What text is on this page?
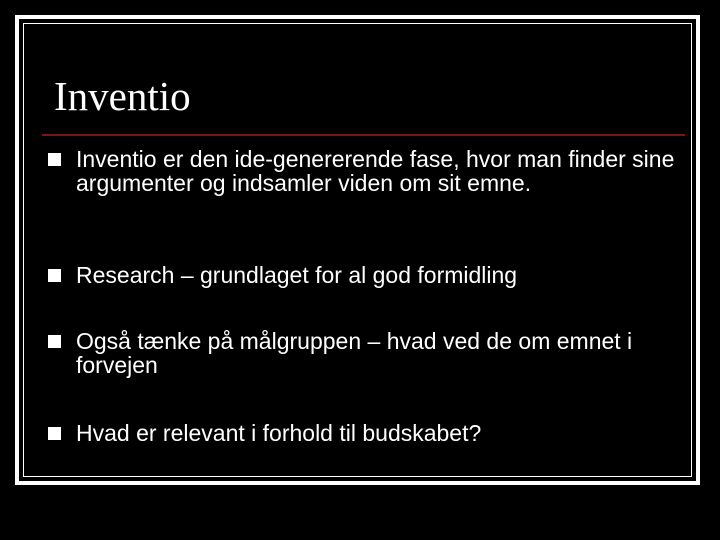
Inventio
Inventio er den ide-genererende fase, hvor man finder sine argumenter og indsamler viden om sit emne.
Research – grundlaget for al god formidling
Også tænke på målgruppen – hvad ved de om emnet i forvejen
Hvad er relevant i forhold til budskabet?
